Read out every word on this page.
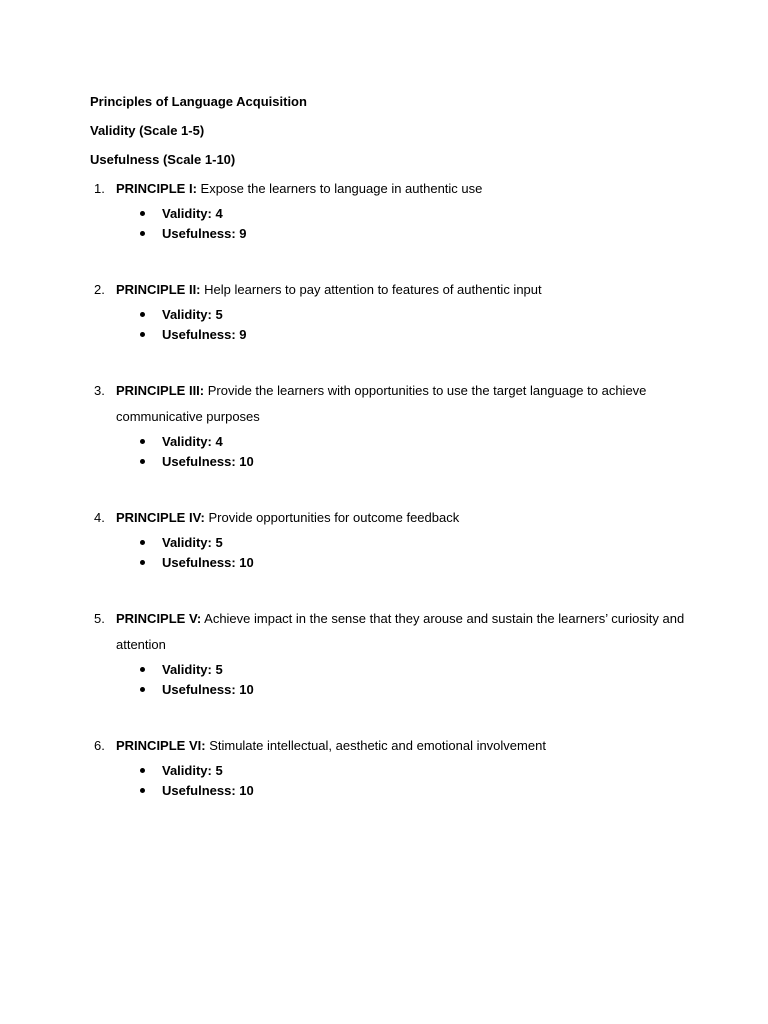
Principles of Language Acquisition
Validity (Scale 1-5)
Usefulness (Scale 1-10)
1. PRINCIPLE I: Expose the learners to language in authentic use
Validity: 4
Usefulness: 9
2. PRINCIPLE II: Help learners to pay attention to features of authentic input
Validity: 5
Usefulness: 9
3. PRINCIPLE III: Provide the learners with opportunities to use the target language to achieve communicative purposes
Validity: 4
Usefulness: 10
4. PRINCIPLE IV: Provide opportunities for outcome feedback
Validity: 5
Usefulness: 10
5. PRINCIPLE V: Achieve impact in the sense that they arouse and sustain the learners’ curiosity and attention
Validity: 5
Usefulness: 10
6. PRINCIPLE VI: Stimulate intellectual, aesthetic and emotional involvement
Validity: 5
Usefulness: 10
